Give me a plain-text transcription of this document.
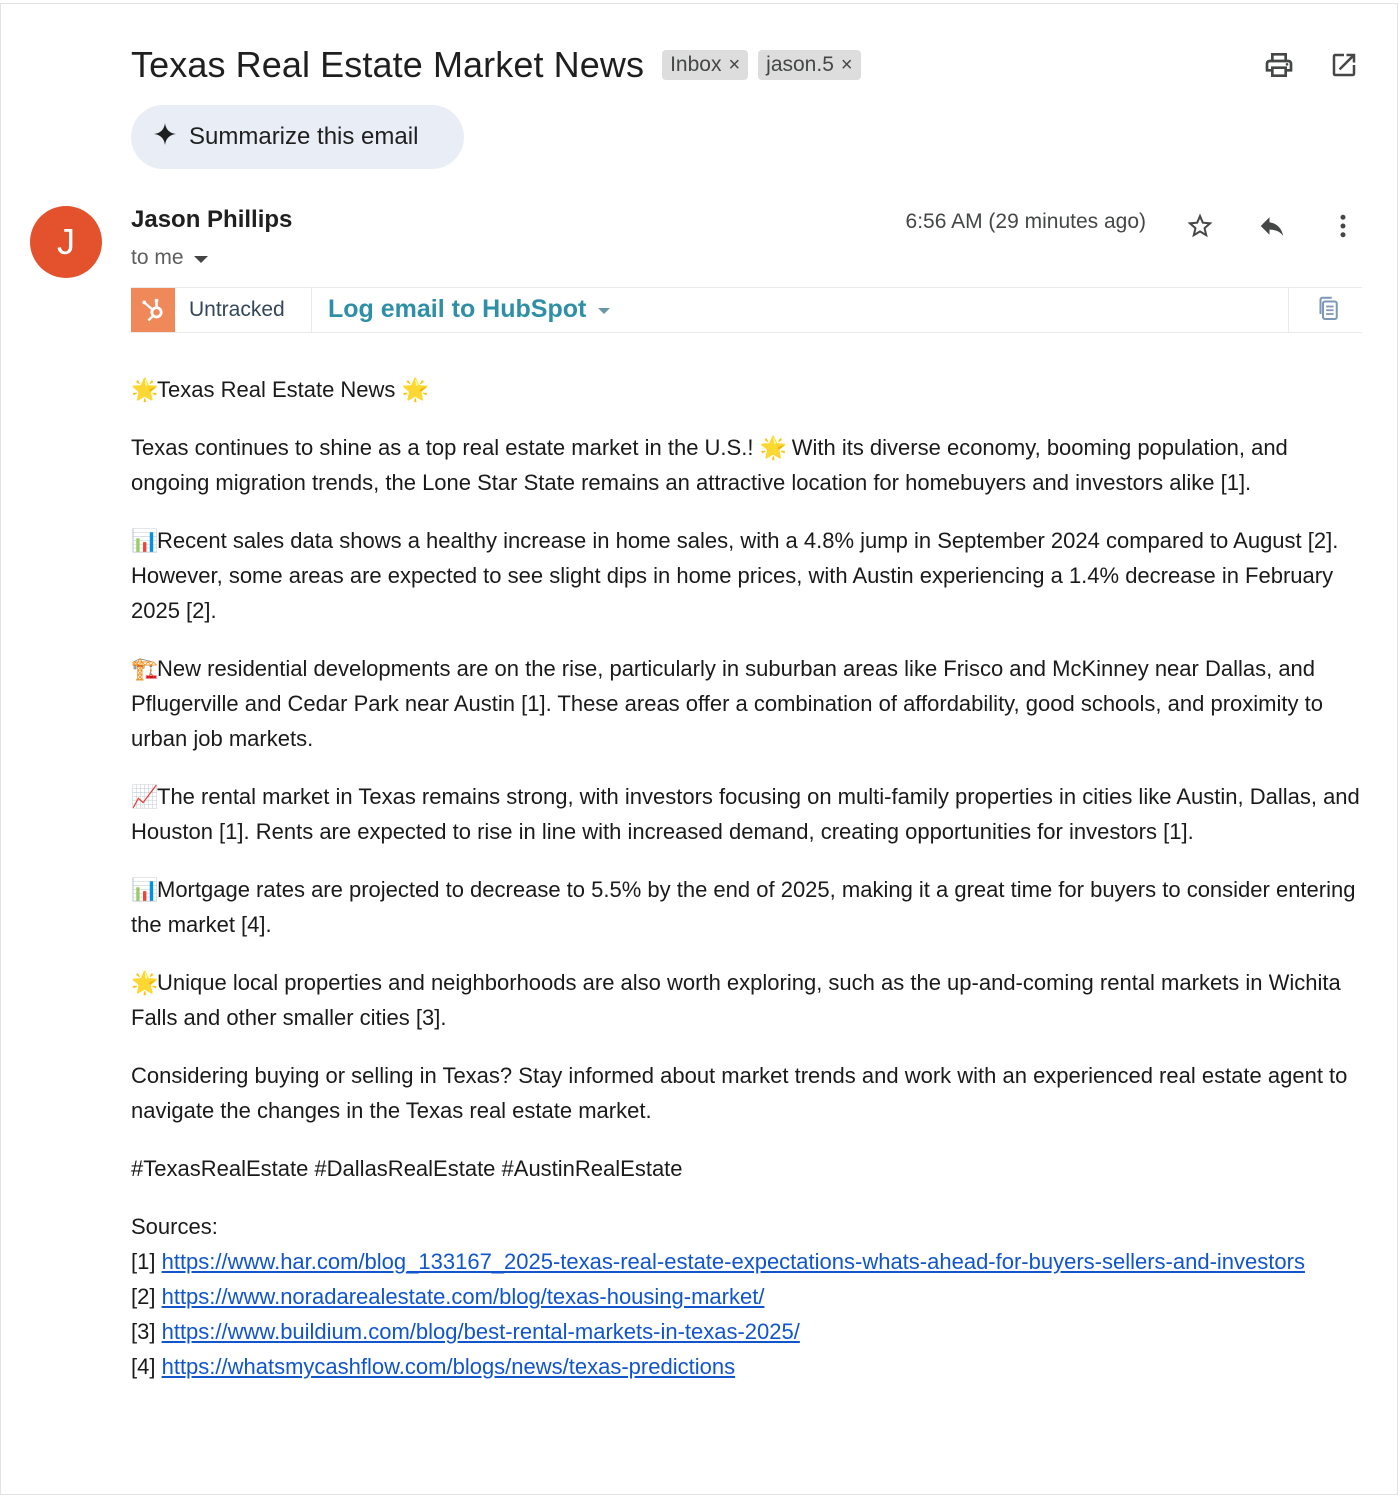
Texas Real Estate Market News Inbox × jason.5 ×
Summarize this email
J
Jason Phillips
to me
6:56 AM (29 minutes ago)
Untracked Log email to HubSpot

🌟Texas Real Estate News 🌟

Texas continues to shine as a top real estate market in the U.S.! 🌟 With its diverse economy, booming population, and ongoing migration trends, the Lone Star State remains an attractive location for homebuyers and investors alike [1].

📊Recent sales data shows a healthy increase in home sales, with a 4.8% jump in September 2024 compared to August [2]. However, some areas are expected to see slight dips in home prices, with Austin experiencing a 1.4% decrease in February 2025 [2].

🏗️New residential developments are on the rise, particularly in suburban areas like Frisco and McKinney near Dallas, and Pflugerville and Cedar Park near Austin [1]. These areas offer a combination of affordability, good schools, and proximity to urban job markets.

📈The rental market in Texas remains strong, with investors focusing on multi-family properties in cities like Austin, Dallas, and Houston [1]. Rents are expected to rise in line with increased demand, creating opportunities for investors [1].

📊Mortgage rates are projected to decrease to 5.5% by the end of 2025, making it a great time for buyers to consider entering the market [4].

🌟Unique local properties and neighborhoods are also worth exploring, such as the up-and-coming rental markets in Wichita Falls and other smaller cities [3].

Considering buying or selling in Texas? Stay informed about market trends and work with an experienced real estate agent to navigate the changes in the Texas real estate market.

#TexasRealEstate #DallasRealEstate #AustinRealEstate

Sources:
[1] https://www.har.com/blog_133167_2025-texas-real-estate-expectations-whats-ahead-for-buyers-sellers-and-investors
[2] https://www.noradarealestate.com/blog/texas-housing-market/
[3] https://www.buildium.com/blog/best-rental-markets-in-texas-2025/
[4] https://whatsmycashflow.com/blogs/news/texas-predictions
